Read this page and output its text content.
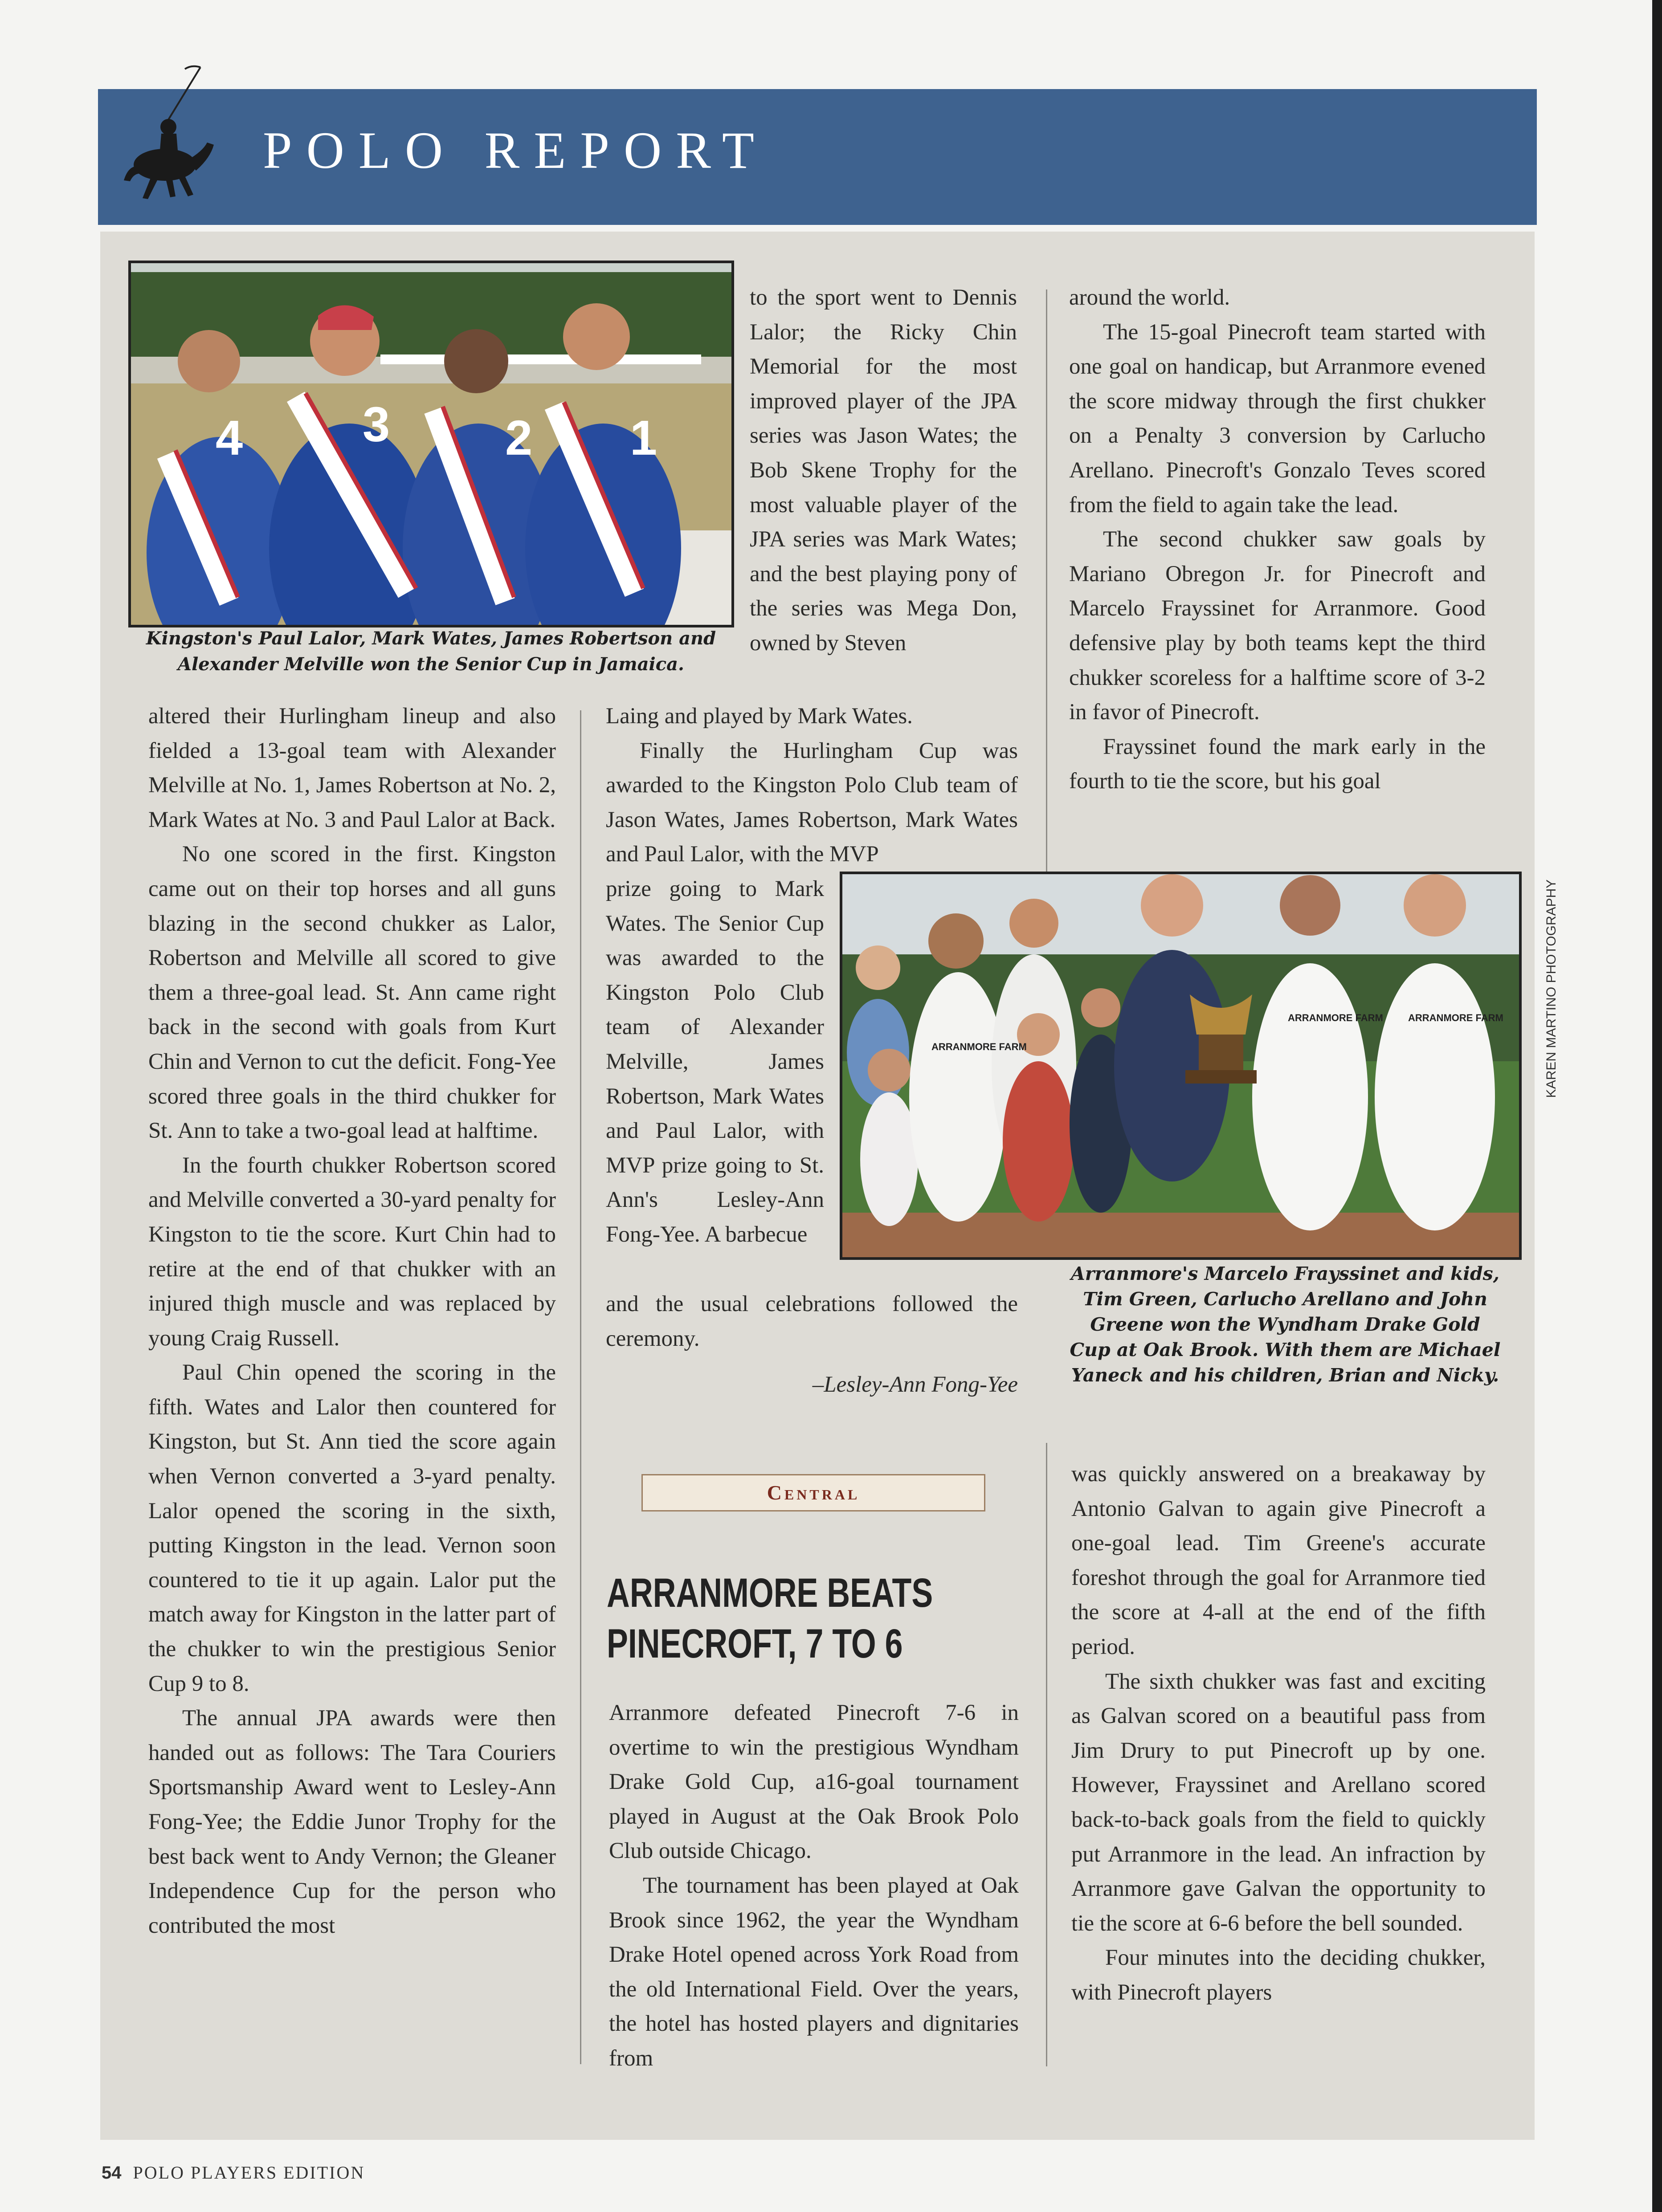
POLO REPORT
4 3 2 1
Kingston's Paul Lalor, Mark Wates, James Robertson and Alexander Melville won the Senior Cup in Jamaica.

altered their Hurlingham lineup and also fielded a 13-goal team with Alexander Melville at No. 1, James Robertson at No. 2, Mark Wates at No. 3 and Paul Lalor at Back.

No one scored in the first. Kingston came out on their top horses and all guns blazing in the second chukker as Lalor, Robertson and Melville all scored to give them a three-goal lead. St. Ann came right back in the second with goals from Kurt Chin and Vernon to cut the deficit. Fong-Yee scored three goals in the third chukker for St. Ann to take a two-goal lead at halftime.

In the fourth chukker Robertson scored and Melville converted a 30-yard penalty for Kingston to tie the score. Kurt Chin had to retire at the end of that chukker with an injured thigh muscle and was replaced by young Craig Russell.

Paul Chin opened the scoring in the fifth. Wates and Lalor then countered for Kingston, but St. Ann tied the score again when Vernon converted a 3-yard penalty. Lalor opened the scoring in the sixth, putting Kingston in the lead. Vernon soon countered to tie it up again. Lalor put the match away for Kingston in the latter part of the chukker to win the prestigious Senior Cup 9 to 8.

The annual JPA awards were then handed out as follows: The Tara Couriers Sportsmanship Award went to Lesley-Ann Fong-Yee; the Eddie Junor Trophy for the best back went to Andy Vernon; the Gleaner Independence Cup for the person who contributed the most

to the sport went to Dennis Lalor; the Ricky Chin Memorial for the most improved player of the JPA series was Jason Wates; the Bob Skene Trophy for the most valuable player of the JPA series was Mark Wates; and the best playing pony of the series was Mega Don, owned by Steven

Laing and played by Mark Wates.

Finally the Hurlingham Cup was awarded to the Kingston Polo Club team of Jason Wates, James Robertson, Mark Wates and Paul Lalor, with the MVP

prize going to Mark Wates. The Senior Cup was awarded to the Kingston Polo Club team of Alexander Melville, James Robertson, Mark Wates and Paul Lalor, with MVP prize going to St. Ann's Lesley-Ann Fong-Yee. A barbecue

and the usual celebrations followed the ceremony.

–Lesley-Ann Fong-Yee

Central
ARRANMORE BEATS
PINECROFT, 7 TO 6

Arranmore defeated Pinecroft 7-6 in overtime to win the prestigious Wyndham Drake Gold Cup, a16-goal tournament played in August at the Oak Brook Polo Club outside Chicago.

The tournament has been played at Oak Brook since 1962, the year the Wyndham Drake Hotel opened across York Road from the old International Field. Over the years, the hotel has hosted players and dignitaries from

around the world.

The 15-goal Pinecroft team started with one goal on handicap, but Arranmore evened the score midway through the first chukker on a Penalty 3 conversion by Carlucho Arellano. Pinecroft's Gonzalo Teves scored from the field to again take the lead.

The second chukker saw goals by Mariano Obregon Jr. for Pinecroft and Marcelo Frayssinet for Arranmore. Good defensive play by both teams kept the third chukker scoreless for a halftime score of 3-2 in favor of Pinecroft.

Frayssinet found the mark early in the fourth to tie the score, but his goal

ARRANMORE FARM	ARRANMORE FARM
ARRANMORE FARM	KAREN MARTINO PHOTOGRAPHY
Arranmore's Marcelo Frayssinet and kids, Tim Green, Carlucho Arellano and John Greene won the Wyndham Drake Gold Cup at Oak Brook. With them are Michael Yaneck and his children, Brian and Nicky.

was quickly answered on a breakaway by Antonio Galvan to again give Pinecroft a one-goal lead. Tim Greene's accurate foreshot through the goal for Arranmore tied the score at 4-all at the end of the fifth period.

The sixth chukker was fast and exciting as Galvan scored on a beautiful pass from Jim Drury to put Pinecroft up by one. However, Frayssinet and Arellano scored back-to-back goals from the field to quickly put Arranmore in the lead. An infraction by Arranmore gave Galvan the opportunity to tie the score at 6-6 before the bell sounded.

Four minutes into the deciding chukker, with Pinecroft players

54 POLO PLAYERS EDITION
